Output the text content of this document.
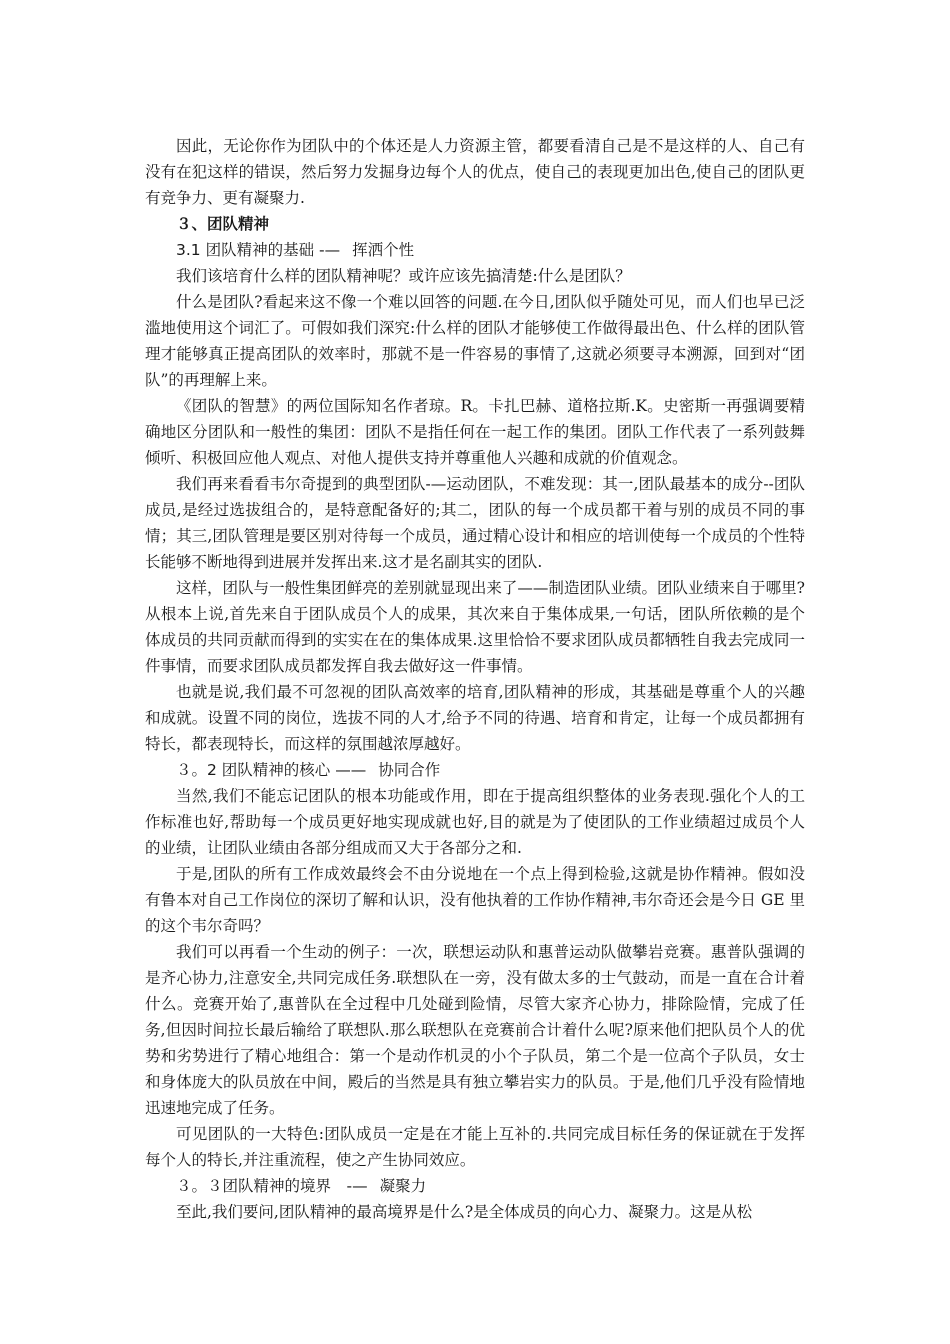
因此，无论你作为团队中的个体还是人力资源主管，都要看清自己是不是这样的人、自己有没有在犯这样的错误，然后努力发掘身边每个人的优点，使自己的表现更加出色,使自己的团队更有竞争力、更有凝聚力.

３、团队精神

3.1 团队精神的基础 -— 挥洒个性

我们该培育什么样的团队精神呢？或许应该先搞清楚:什么是团队？

什么是团队?看起来这不像一个难以回答的问题.在今日,团队似乎随处可见，而人们也早已泛滥地使用这个词汇了。可假如我们深究:什么样的团队才能够使工作做得最出色、什么样的团队管理才能够真正提高团队的效率时，那就不是一件容易的事情了,这就必须要寻本溯源，回到对“团队”的再理解上来。

《团队的智慧》的两位国际知名作者琼。R。卡扎巴赫、道格拉斯.K。史密斯一再强调要精确地区分团队和一般性的集团：团队不是指任何在一起工作的集团。团队工作代表了一系列鼓舞倾听、积极回应他人观点、对他人提供支持并尊重他人兴趣和成就的价值观念。

我们再来看看韦尔奇提到的典型团队-—运动团队，不难发现：其一,团队最基本的成分--团队成员,是经过选拔组合的，是特意配备好的;其二，团队的每一个成员都干着与别的成员不同的事情；其三,团队管理是要区别对待每一个成员，通过精心设计和相应的培训使每一个成员的个性特长能够不断地得到进展并发挥出来.这才是名副其实的团队.

这样，团队与一般性集团鲜亮的差别就显现出来了——制造团队业绩。团队业绩来自于哪里?从根本上说,首先来自于团队成员个人的成果，其次来自于集体成果,一句话，团队所依赖的是个体成员的共同贡献而得到的实实在在的集体成果.这里恰恰不要求团队成员都牺牲自我去完成同一件事情，而要求团队成员都发挥自我去做好这一件事情。

也就是说,我们最不可忽视的团队高效率的培育,团队精神的形成，其基础是尊重个人的兴趣和成就。设置不同的岗位，选拔不同的人才,给予不同的待遇、培育和肯定，让每一个成员都拥有特长，都表现特长，而这样的氛围越浓厚越好。

３。2 团队精神的核心 —— 协同合作

当然,我们不能忘记团队的根本功能或作用，即在于提高组织整体的业务表现.强化个人的工作标准也好,帮助每一个成员更好地实现成就也好,目的就是为了使团队的工作业绩超过成员个人的业绩，让团队业绩由各部分组成而又大于各部分之和.

于是,团队的所有工作成效最终会不由分说地在一个点上得到检验,这就是协作精神。假如没有鲁本对自己工作岗位的深切了解和认识，没有他执着的工作协作精神,韦尔奇还会是今日 GE 里的这个韦尔奇吗？

我们可以再看一个生动的例子：一次，联想运动队和惠普运动队做攀岩竞赛。惠普队强调的是齐心协力,注意安全,共同完成任务.联想队在一旁，没有做太多的士气鼓动，而是一直在合计着什么。竞赛开始了,惠普队在全过程中几处碰到险情，尽管大家齐心协力，排除险情，完成了任务,但因时间拉长最后输给了联想队.那么联想队在竞赛前合计着什么呢?原来他们把队员个人的优势和劣势进行了精心地组合：第一个是动作机灵的小个子队员，第二个是一位高个子队员，女士和身体庞大的队员放在中间，殿后的当然是具有独立攀岩实力的队员。于是,他们几乎没有险情地迅速地完成了任务。

可见团队的一大特色:团队成员一定是在才能上互补的.共同完成目标任务的保证就在于发挥每个人的特长,并注重流程，使之产生协同效应。

３。３团队精神的境界　-— 凝聚力

至此,我们要问,团队精神的最高境界是什么?是全体成员的向心力、凝聚力。这是从松
